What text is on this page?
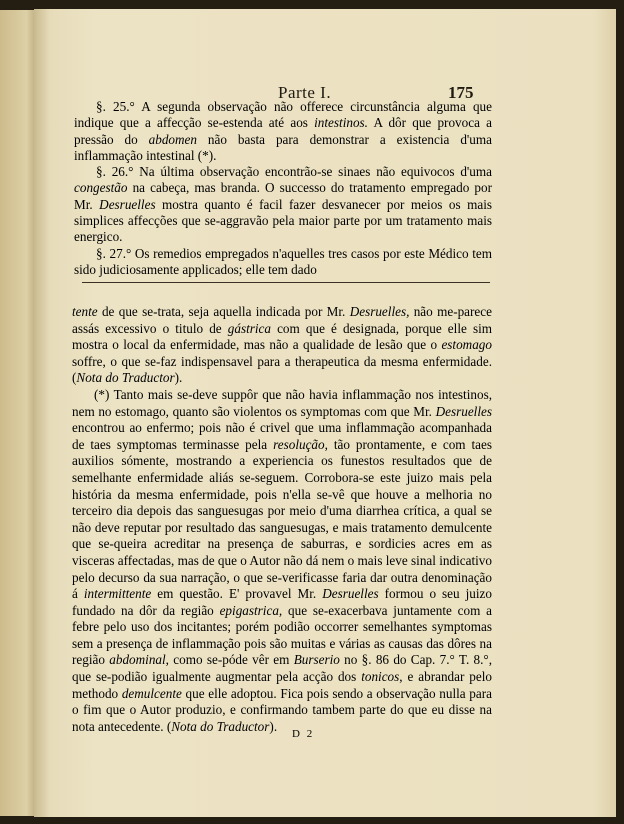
Parte I.	175

§. 25.° A segunda observação não offerece circunstância alguma que indique que a affecção se-estenda até aos intestinos. A dôr que provoca a pressão do abdomen não basta para demonstrar a existencia d'uma inflammação intestinal (*).

§. 26.° Na última observação encontrão-se sinaes não equivocos d'uma congestão na cabeça, mas branda. O successo do tratamento empregado por Mr. Desruelles mostra quanto é facil fazer desvanecer por meios os mais simplices affecções que se-aggravão pela maior parte por um tratamento mais energico.

§. 27.° Os remedios empregados n'aquelles tres casos por este Médico tem sido judiciosamente applicados; elle tem dado

tente de que se-trata, seja aquella indicada por Mr. Desruelles, não me-parece assás excessivo o titulo de gástrica com que é designada, porque elle sim mostra o local da enfermidade, mas não a qualidade de lesão que o estomago soffre, o que se-faz indispensavel para a therapeutica da mesma enfermidade. (Nota do Traductor).

(*) Tanto mais se-deve suppôr que não havia inflammação nos intestinos, nem no estomago, quanto são violentos os symptomas com que Mr. Desruelles encontrou ao enfermo; pois não é crivel que uma inflammação acompanhada de taes symptomas terminasse pela resolução, tão prontamente, e com taes auxilios sómente, mostrando a experiencia os funestos resultados que de semelhante enfermidade aliás se-seguem. Corrobora-se este juizo mais pela história da mesma enfermidade, pois n'ella se-vê que houve a melhoria no terceiro dia depois das sanguesugas por meio d'uma diarrhea crítica, a qual se não deve reputar por resultado das sanguesugas, e mais tratamento demulcente que se-queira acreditar na presença de saburras, e sordicies acres em as visceras affectadas, mas de que o Autor não dá nem o mais leve sinal indicativo pelo decurso da sua narração, o que se-verificasse faria dar outra denominação á intermittente em questão. E' provavel Mr. Desruelles formou o seu juizo fundado na dôr da região epigastrica, que se-exacerbava juntamente com a febre pelo uso dos incitantes; porém podião occorrer semelhantes symptomas sem a presença de inflammação pois são muitas e várias as causas das dôres na região abdominal, como se-póde vêr em Burserio no §. 86 do Cap. 7.° T. 8.°, que se-podião igualmente augmentar pela acção dos tonicos, e abrandar pelo methodo demulcente que elle adoptou. Fica pois sendo a observação nulla para o fim que o Autor produzio, e confirmando tambem parte do que eu disse na nota antecedente. (Nota do Traductor).

D 2
